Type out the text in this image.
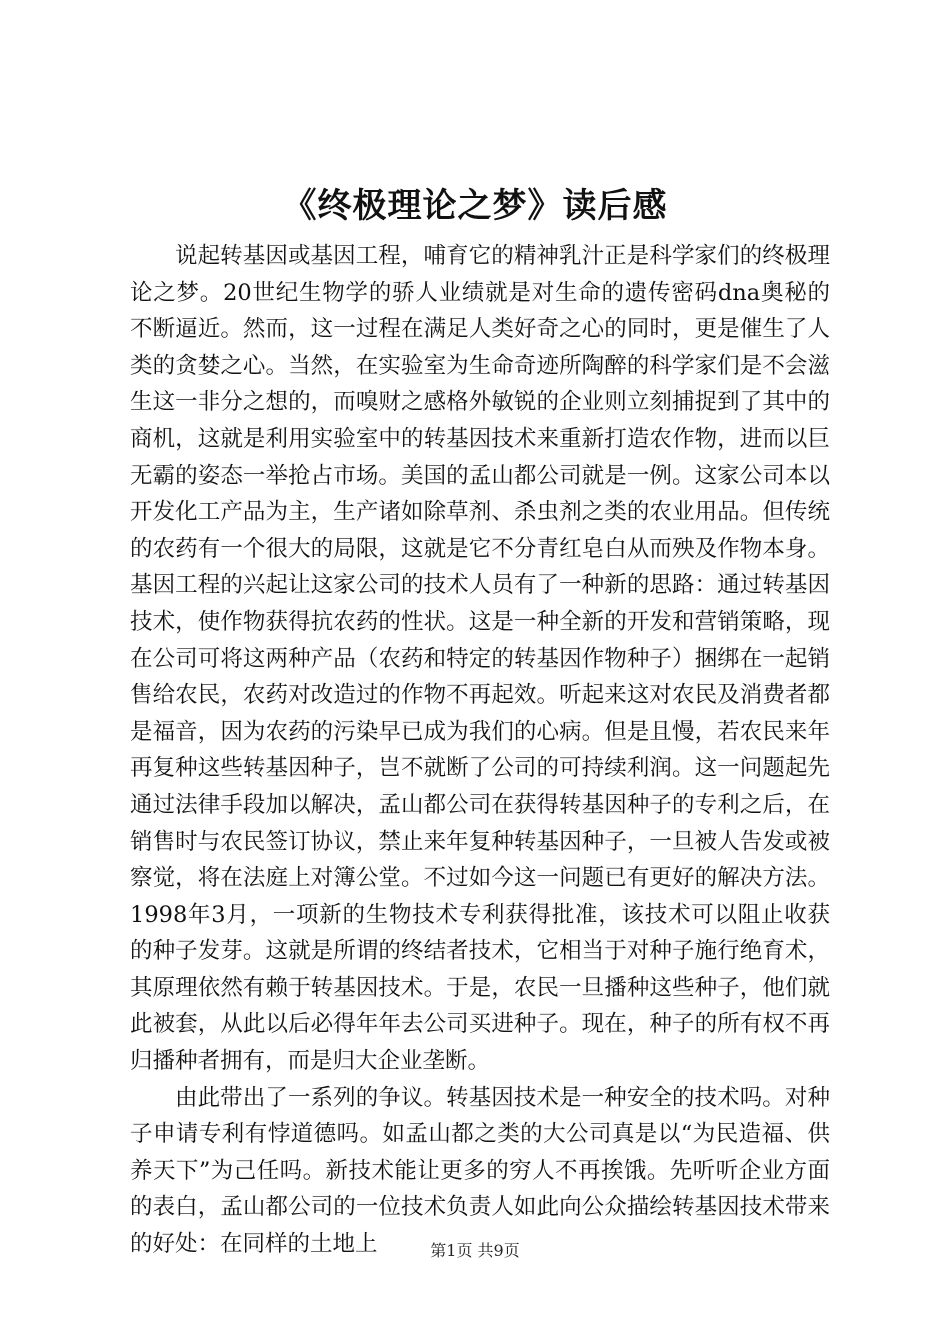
《终极理论之梦》读后感

说起转基因或基因工程，哺育它的精神乳汁正是科学家们的终极理论之梦。20世纪生物学的骄人业绩就是对生命的遗传密码dna奥秘的不断逼近。然而，这一过程在满足人类好奇之心的同时，更是催生了人类的贪婪之心。当然，在实验室为生命奇迹所陶醉的科学家们是不会滋生这一非分之想的，而嗅财之感格外敏锐的企业则立刻捕捉到了其中的商机，这就是利用实验室中的转基因技术来重新打造农作物，进而以巨无霸的姿态一举抢占市场。美国的孟山都公司就是一例。这家公司本以开发化工产品为主，生产诸如除草剂、杀虫剂之类的农业用品。但传统的农药有一个很大的局限，这就是它不分青红皂白从而殃及作物本身。基因工程的兴起让这家公司的技术人员有了一种新的思路：通过转基因技术，使作物获得抗农药的性状。这是一种全新的开发和营销策略，现在公司可将这两种产品（农药和特定的转基因作物种子）捆绑在一起销售给农民，农药对改造过的作物不再起效。听起来这对农民及消费者都是福音，因为农药的污染早已成为我们的心病。但是且慢，若农民来年再复种这些转基因种子，岂不就断了公司的可持续利润。这一问题起先通过法律手段加以解决，孟山都公司在获得转基因种子的专利之后，在销售时与农民签订协议，禁止来年复种转基因种子，一旦被人告发或被察觉，将在法庭上对簿公堂。不过如今这一问题已有更好的解决方法。1998年3月，一项新的生物技术专利获得批准，该技术可以阻止收获的种子发芽。这就是所谓的终结者技术，它相当于对种子施行绝育术，其原理依然有赖于转基因技术。于是，农民一旦播种这些种子，他们就此被套，从此以后必得年年去公司买进种子。现在，种子的所有权不再归播种者拥有，而是归大企业垄断。

由此带出了一系列的争议。转基因技术是一种安全的技术吗。对种子申请专利有悖道德吗。如孟山都之类的大公司真是以“为民造福、供养天下”为己任吗。新技术能让更多的穷人不再挨饿。先听听企业方面的表白，孟山都公司的一位技术负责人如此向公众描绘转基因技术带来的好处：在同样的土地上	第1页 共9页
